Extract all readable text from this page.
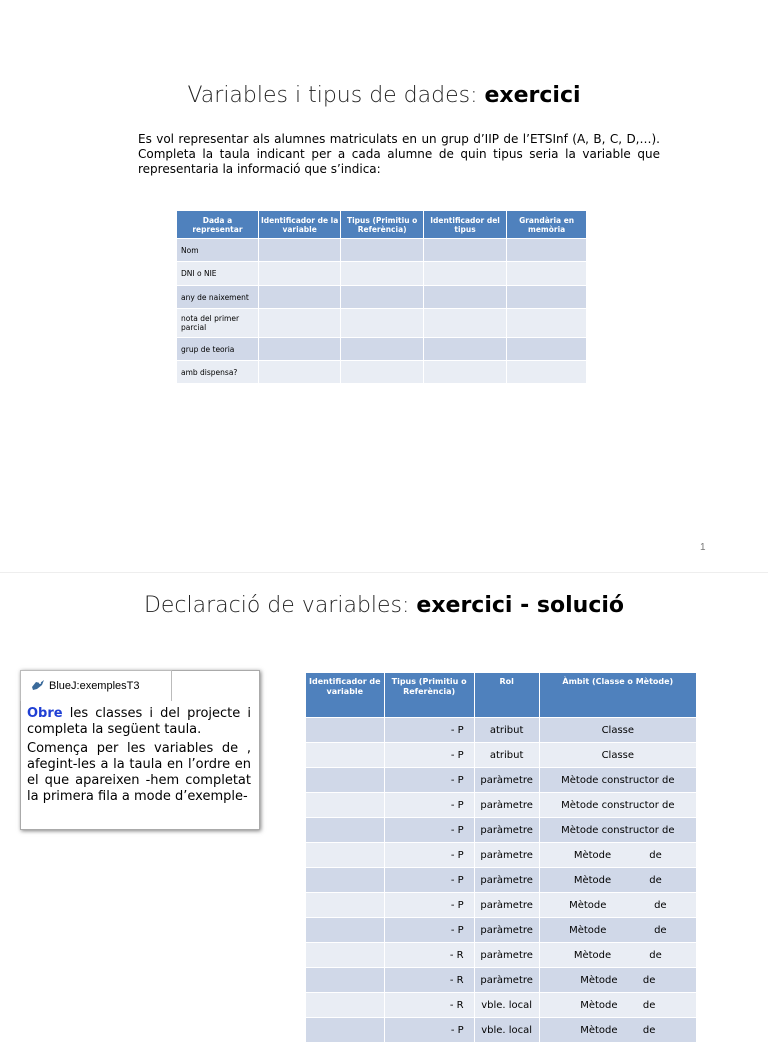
Variables i tipus de dades: exercici
Es vol representar als alumnes matriculats en un grup d’IIP de l’ETSInf (A, B, C, D,…). Completa la taula indicant per a cada alumne de quin tipus seria la variable que representaria la informació que s’indica:
Dada a representar	Identificador de la variable	Tipus (Primitiu o Referència)	Identificador del tipus	Grandària en memòria
Nom				
DNI o NIE				
any de naixement				
nota del primer parcial				
grup de teoria				
amb dispensa?				
1
Declaració de variables: exercici - solució
BlueJ:exemplesT3

Obre les classes i del projecte i completa la següent taula.

Comença per les variables de , afegint-les a la taula en l’ordre en el que apareixen -hem completat la primera fila a mode d’exemple-

Identificador de variable	Tipus (Primitiu o Referència)	Rol	Àmbit (Classe o Mètode)
	- P	atribut	Classe
	- P	atribut	Classe
	- P	paràmetre	Mètode constructor de
	- P	paràmetre	Mètode constructor de
	- P	paràmetre	Mètode constructor de
	- P	paràmetre	Mètode            de
	- P	paràmetre	Mètode            de
	- P	paràmetre	Mètode               de
	- P	paràmetre	Mètode               de
	- R	paràmetre	Mètode            de
	- R	paràmetre	Mètode        de
	- R	vble. local	Mètode        de
	- P	vble. local	Mètode        de
